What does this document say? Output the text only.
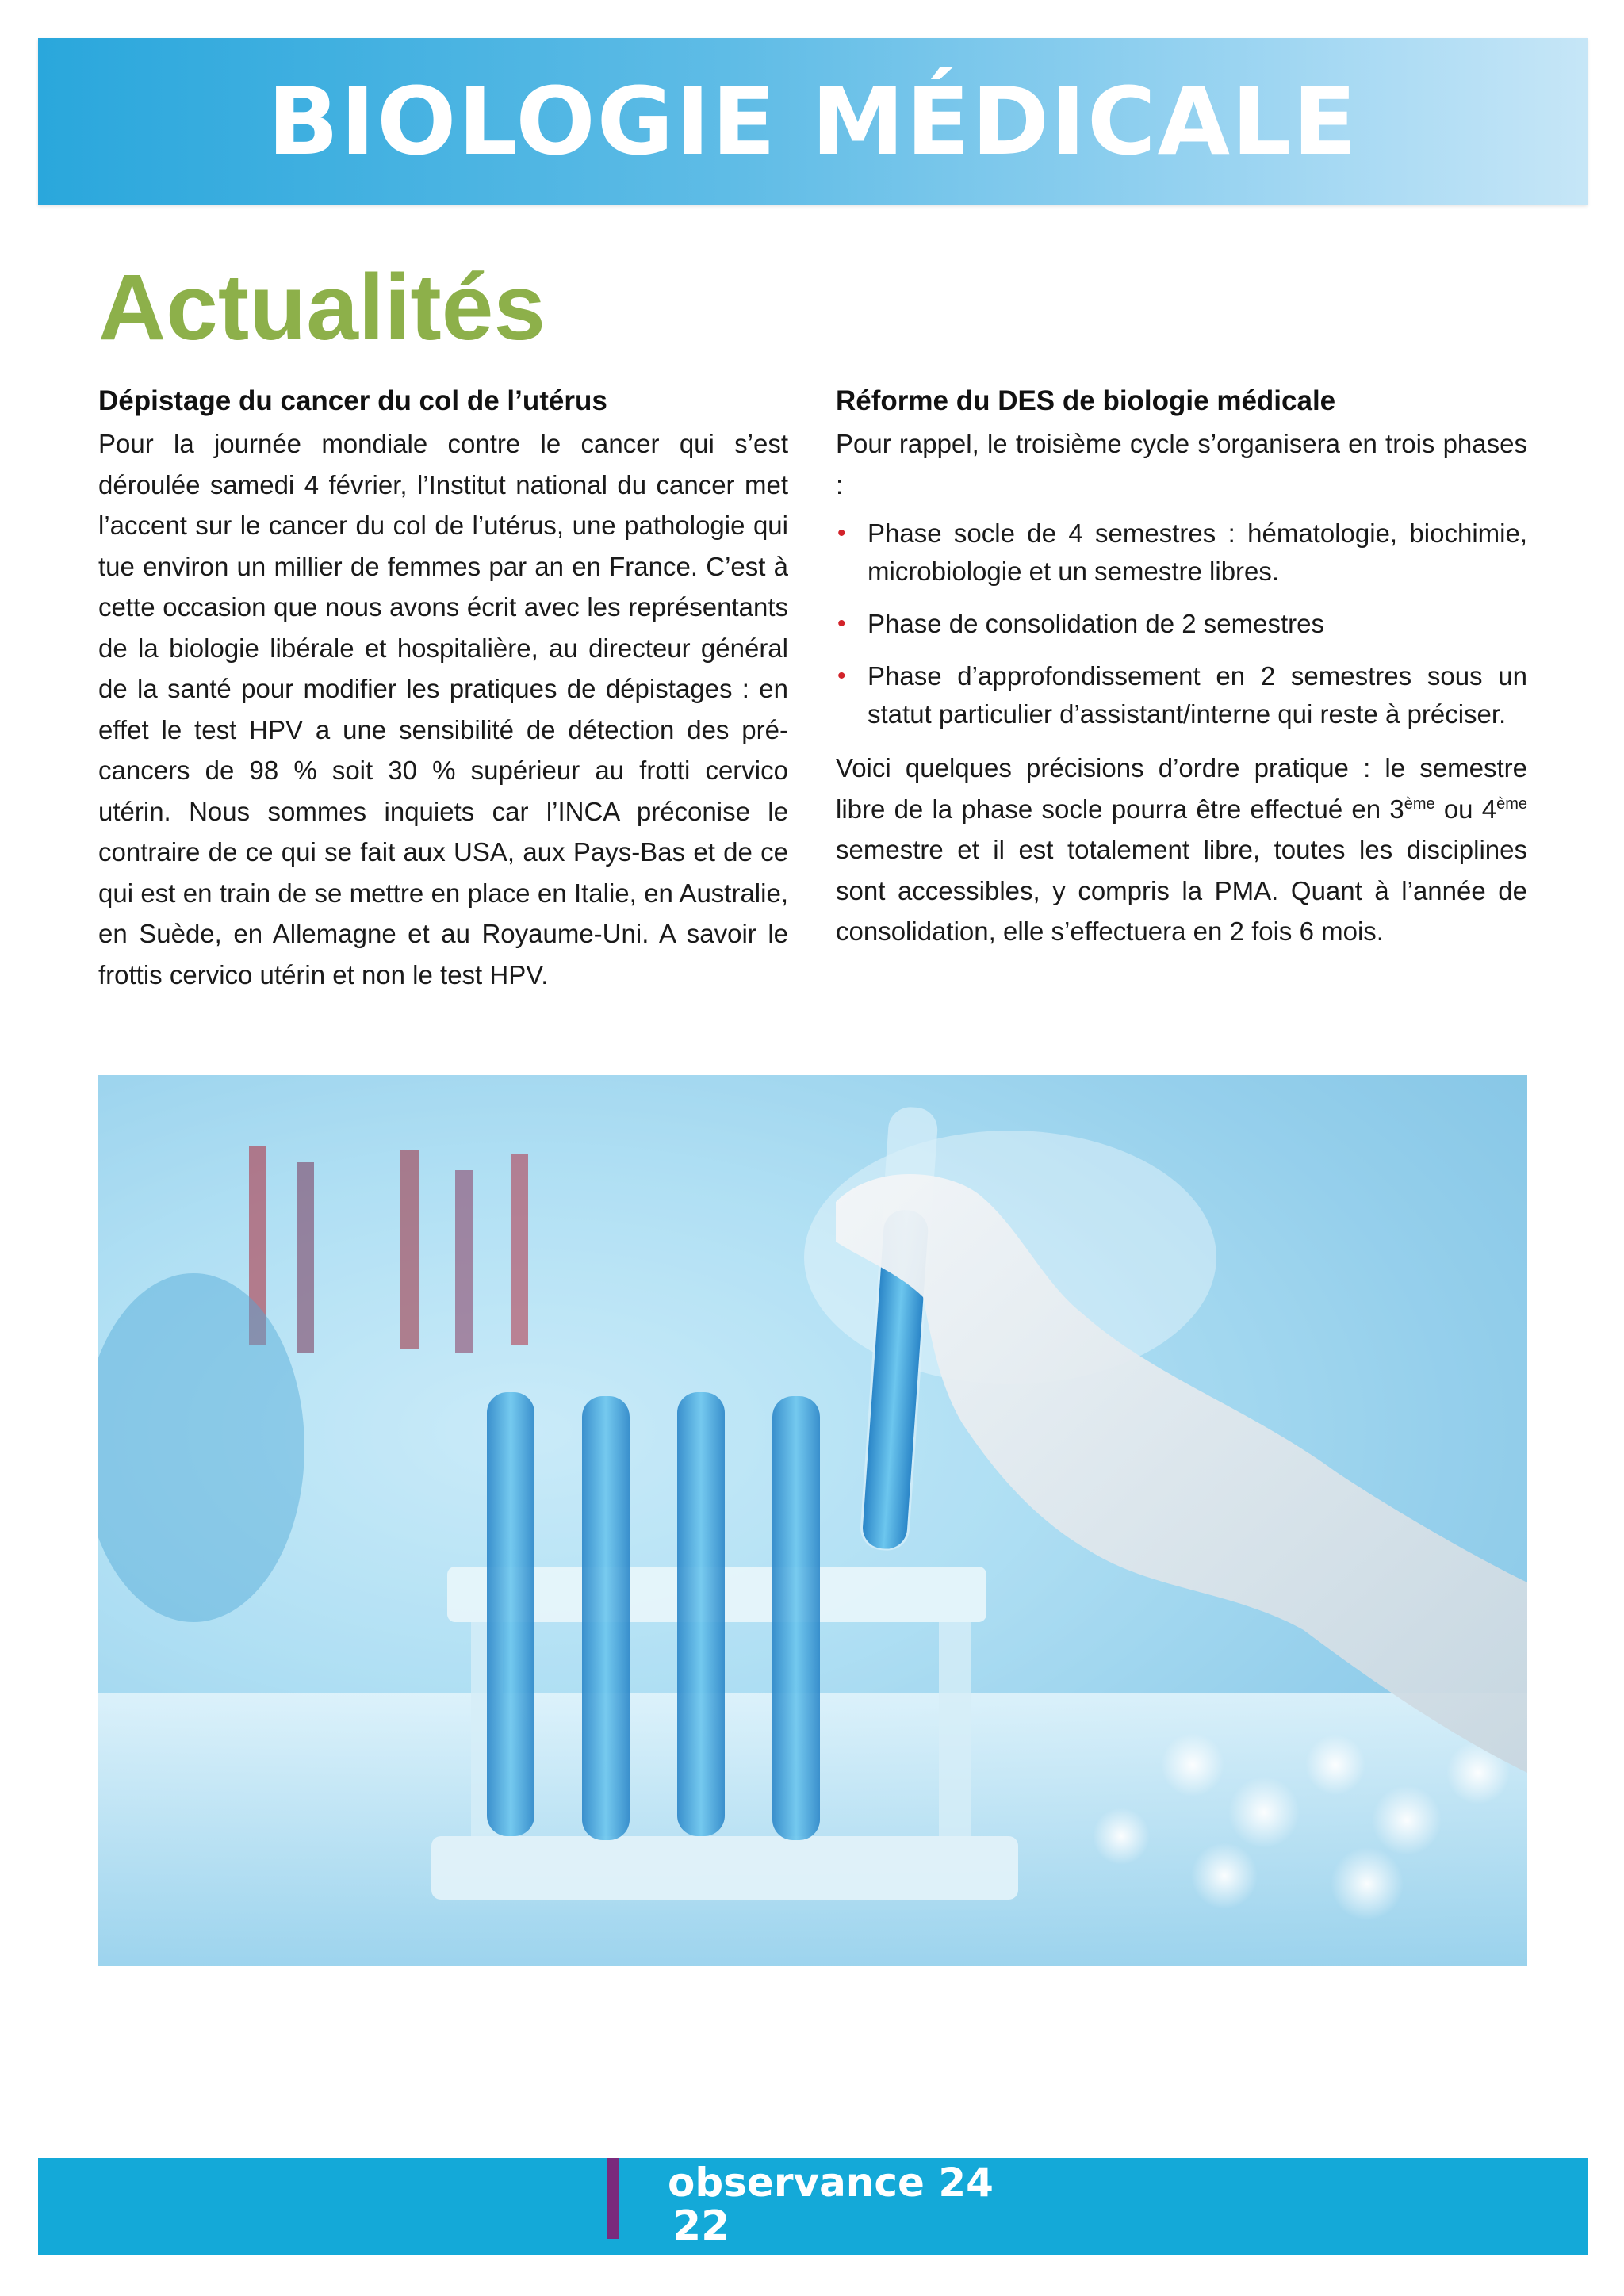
BIOLOGIE MÉDICALE
Actualités
Dépistage du cancer du col de l’utérus

Pour la journée mondiale contre le cancer qui s’est déroulée samedi 4 février, l’Institut national du cancer met l’accent sur le cancer du col de l’utérus, une pathologie qui tue environ un millier de femmes par an en France. C’est à cette occasion que nous avons écrit avec les représentants de la biologie libérale et hospitalière, au directeur général de la santé pour modifier les pratiques de dépistages : en effet le test HPV a une sensibilité de détection des pré-cancers de 98 % soit 30 % supérieur au frotti cervico utérin. Nous sommes inquiets car l’INCA préconise le contraire de ce qui se fait aux USA, aux Pays-Bas et de ce qui est en train de se mettre en place en Italie, en Australie, en Suède, en Allemagne et au Royaume-Uni. A savoir le frottis cervico utérin et non le test HPV.

Réforme du DES de biologie médicale

Pour rappel, le troisième cycle s’organisera en trois phases :

• Phase socle de 4 semestres : hématologie, biochimie, microbiologie et un semestre libres.
• Phase de consolidation de 2 semestres
• Phase d’approfondissement en 2 semestres sous un statut particulier d’assistant/interne qui reste à préciser.

Voici quelques précisions d’ordre pratique : le semestre libre de la phase socle pourra être effectué en 3ème ou 4ème semestre et il est totalement libre, toutes les disciplines sont accessibles, y compris la PMA. Quant à l’année de consolidation, elle s’effectuera en 2 fois 6 mois.

observance 24
22
